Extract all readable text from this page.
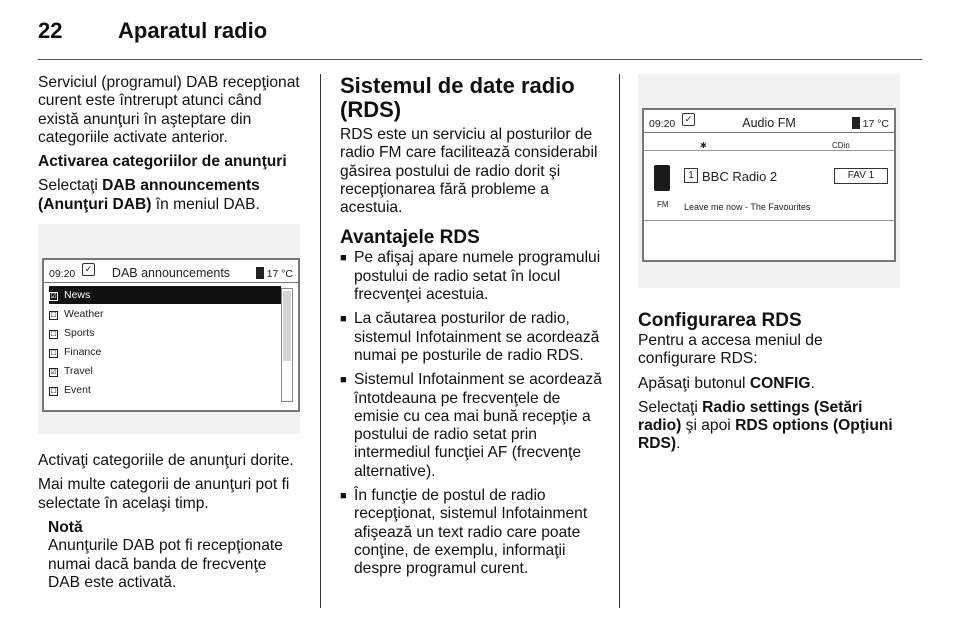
22	Aparatul radio

Serviciul (programul) DAB recepţionat curent este întrerupt atunci când există anunţuri în aşteptare din categoriile activate anterior.

Activarea categoriilor de anunţuri

Selectaţi DAB announcements (Anunţuri DAB) în meniul DAB.

09:20	✓	DAB announcements	17 °C
☑ News
☐ Weather
☐ Sports
☐ Finance
☑ Travel
☐ Event

Activaţi categoriile de anunţuri dorite.

Mai multe categorii de anunţuri pot fi selectate în acelaşi timp.

Notă
Anunţurile DAB pot fi recepţionate numai dacă banda de frecvenţe DAB este activată.
Sistemul de date radio (RDS)

RDS este un serviciu al posturilor de radio FM care facilitează considerabil găsirea postului de radio dorit şi recepţionarea fără probleme a acestuia.

Avantajele RDS
■ Pe afişaj apare numele programului postului de radio setat în locul frecvenţei acestuia.
■ La căutarea posturilor de radio, sistemul Infotainment se acordează numai pe posturile de radio RDS.
■ Sistemul Infotainment se acordează întotdeauna pe frecvenţele de emisie cu cea mai bună recepţie a postului de radio setat prin intermediul funcţiei AF (frecvenţe alternative).
■ În funcţie de postul de radio recepţionat, sistemul Infotainment afişează un text radio care poate conţine, de exemplu, informaţii despre programul curent.
09:20	✓	Audio FM	17 °C
✱	CDin
FM
1 BBC Radio 2	FAV 1
Leave me now - The Favourites
Configurarea RDS

Pentru a accesa meniul de configurare RDS:

Apăsaţi butonul CONFIG.

Selectaţi Radio settings (Setări radio) şi apoi RDS options (Opţiuni RDS).
